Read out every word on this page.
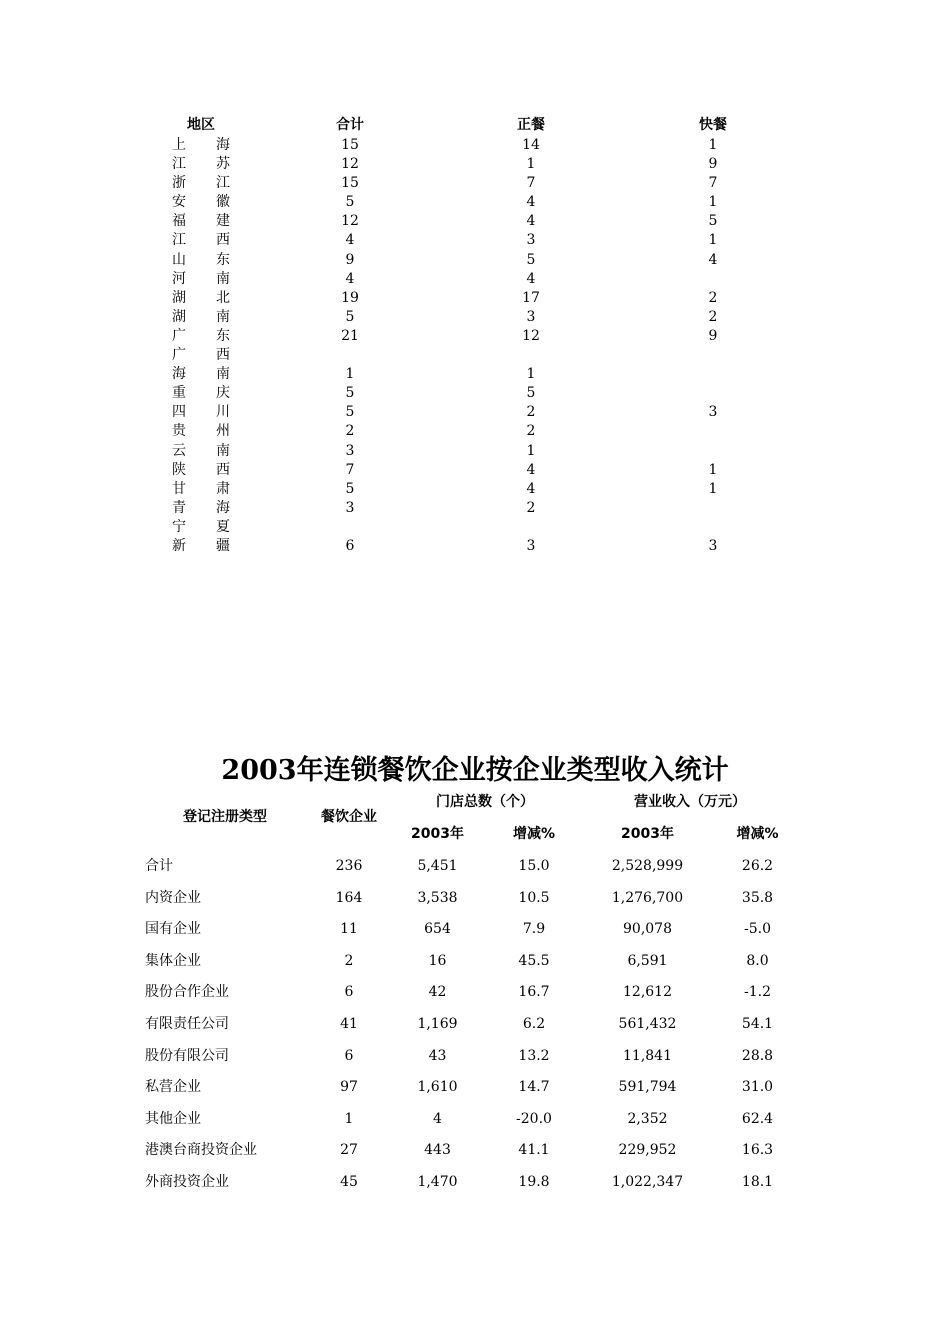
地区	合计	正餐	快餐
上海	15	14	1
江苏	12	1	9
浙江	15	7	7
安徽	5	4	1
福建	12	4	5
江西	4	3	1
山东	9	5	4
河南	4	4
湖北	19	17	2
湖南	5	3	2
广东	21	12	9
广西
海南	1	1
重庆	5	5
四川	5	2	3
贵州	2	2
云南	3	1
陕西	7	4	1
甘肃	5	4	1
青海	3	2
宁夏
新疆	6	3	3
2003年连锁餐饮企业按企业类型收入统计
登记注册类型	餐饮企业
门店总数（个）	营业收入（万元）
2003年	增减%	2003年	增减%
合计	236	5,451	15.0	2,528,999	26.2
内资企业	164	3,538	10.5	1,276,700	35.8
国有企业	11	654	7.9	90,078	-5.0
集体企业	2	16	45.5	6,591	8.0
股份合作企业	6	42	16.7	12,612	-1.2
有限责任公司	41	1,169	6.2	561,432	54.1
股份有限公司	6	43	13.2	11,841	28.8
私营企业	97	1,610	14.7	591,794	31.0
其他企业	1	4	-20.0	2,352	62.4
港澳台商投资企业	27	443	41.1	229,952	16.3
外商投资企业	45	1,470	19.8	1,022,347	18.1
